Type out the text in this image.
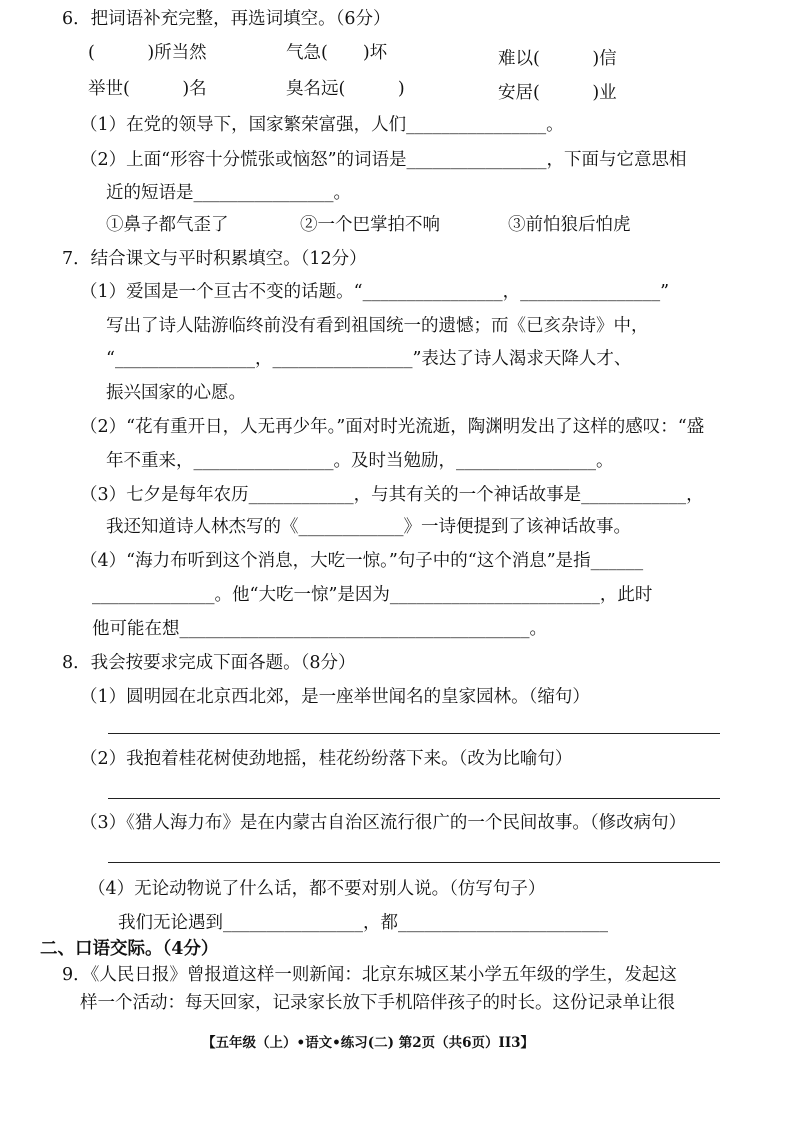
6．把词语补充完整，再选词填空。（6分）
(　　　)所当然	气急(　　)坏	难以(　　　)信
举世(　　　)名	臭名远(　　　)	安居(　　　)业
（1）在党的领导下，国家繁荣富强，人们________________。
（2）上面“形容十分慌张或恼怒”的词语是________________，下面与它意思相
近的短语是________________。
①鼻子都气歪了	②一个巴掌拍不响	③前怕狼后怕虎
7．结合课文与平时积累填空。（12分）
（1）爱国是一个亘古不变的话题。“________________，________________”
写出了诗人陆游临终前没有看到祖国统一的遗憾；而《已亥杂诗》中，
“________________，________________”表达了诗人渴求天降人才、
振兴国家的心愿。
（2）“花有重开日，人无再少年。”面对时光流逝，陶渊明发出了这样的感叹：“盛
年不重来，________________。及时当勉励，________________。
（3）七夕是每年农历____________，与其有关的一个神话故事是____________，
我还知道诗人林杰写的《____________》一诗便提到了该神话故事。
（4）“海力布听到这个消息，大吃一惊。”句子中的“这个消息”是指______
______________。他“大吃一惊”是因为________________________，此时
他可能在想________________________________________。
8．我会按要求完成下面各题。（8分）
（1）圆明园在北京西北郊，是一座举世闻名的皇家园林。（缩句）
（2）我抱着桂花树使劲地摇，桂花纷纷落下来。（改为比喻句）
（3）《猎人海力布》是在内蒙古自治区流行很广的一个民间故事。（修改病句）
（4）无论动物说了什么话，都不要对别人说。（仿写句子）
我们无论遇到________________，都________________________
二、口语交际。（4分）
9．《人民日报》曾报道这样一则新闻：北京东城区某小学五年级的学生，发起这
样一个活动：每天回家，记录家长放下手机陪伴孩子的时长。这份记录单让很
【五年级（上）•语文•练习(二) 第2页（共6页）II3】
